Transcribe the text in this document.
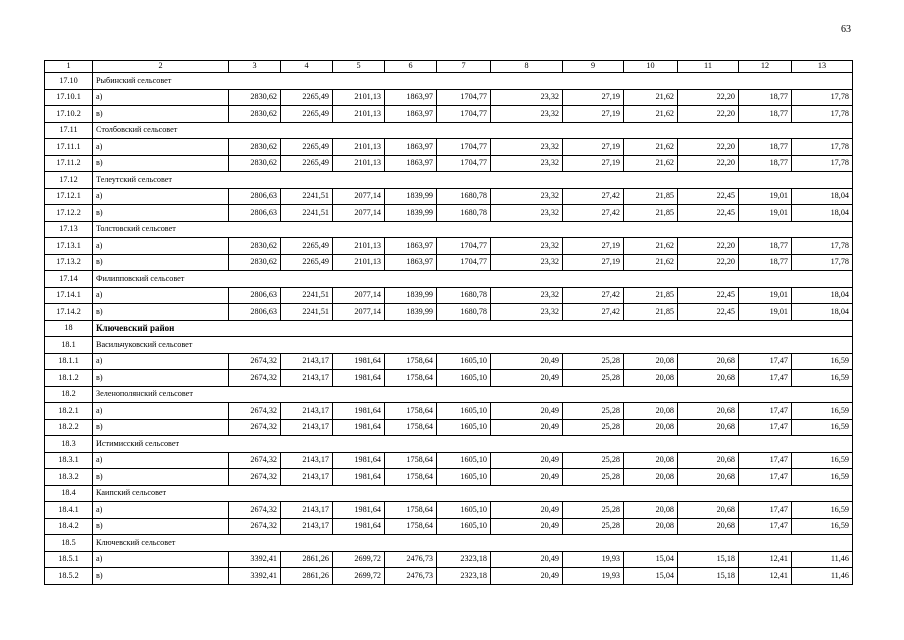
63
1	2	3	4	5	6	7	8	9	10	11	12	13
17.10	Рыбинский сельсовет											
17.10.1	а)	2830,62	2265,49	2101,13	1863,97	1704,77	23,32	27,19	21,62	22,20	18,77	17,78
17.10.2	в)	2830,62	2265,49	2101,13	1863,97	1704,77	23,32	27,19	21,62	22,20	18,77	17,78
17.11	Столбовский сельсовет											
17.11.1	а)	2830,62	2265,49	2101,13	1863,97	1704,77	23,32	27,19	21,62	22,20	18,77	17,78
17.11.2	в)	2830,62	2265,49	2101,13	1863,97	1704,77	23,32	27,19	21,62	22,20	18,77	17,78
17.12	Телеутский сельсовет											
17.12.1	а)	2806,63	2241,51	2077,14	1839,99	1680,78	23,32	27,42	21,85	22,45	19,01	18,04
17.12.2	в)	2806,63	2241,51	2077,14	1839,99	1680,78	23,32	27,42	21,85	22,45	19,01	18,04
17.13	Толстовский сельсовет											
17.13.1	а)	2830,62	2265,49	2101,13	1863,97	1704,77	23,32	27,19	21,62	22,20	18,77	17,78
17.13.2	в)	2830,62	2265,49	2101,13	1863,97	1704,77	23,32	27,19	21,62	22,20	18,77	17,78
17.14	Филипповский сельсовет											
17.14.1	а)	2806,63	2241,51	2077,14	1839,99	1680,78	23,32	27,42	21,85	22,45	19,01	18,04
17.14.2	в)	2806,63	2241,51	2077,14	1839,99	1680,78	23,32	27,42	21,85	22,45	19,01	18,04
18	Ключевский район											
18.1	Васильчуковский сельсовет											
18.1.1	а)	2674,32	2143,17	1981,64	1758,64	1605,10	20,49	25,28	20,08	20,68	17,47	16,59
18.1.2	в)	2674,32	2143,17	1981,64	1758,64	1605,10	20,49	25,28	20,08	20,68	17,47	16,59
18.2	Зеленополянский сельсовет											
18.2.1	а)	2674,32	2143,17	1981,64	1758,64	1605,10	20,49	25,28	20,08	20,68	17,47	16,59
18.2.2	в)	2674,32	2143,17	1981,64	1758,64	1605,10	20,49	25,28	20,08	20,68	17,47	16,59
18.3	Истимисский сельсовет											
18.3.1	а)	2674,32	2143,17	1981,64	1758,64	1605,10	20,49	25,28	20,08	20,68	17,47	16,59
18.3.2	в)	2674,32	2143,17	1981,64	1758,64	1605,10	20,49	25,28	20,08	20,68	17,47	16,59
18.4	Каипский сельсовет											
18.4.1	а)	2674,32	2143,17	1981,64	1758,64	1605,10	20,49	25,28	20,08	20,68	17,47	16,59
18.4.2	в)	2674,32	2143,17	1981,64	1758,64	1605,10	20,49	25,28	20,08	20,68	17,47	16,59
18.5	Ключевский сельсовет											
18.5.1	а)	3392,41	2861,26	2699,72	2476,73	2323,18	20,49	19,93	15,04	15,18	12,41	11,46
18.5.2	в)	3392,41	2861,26	2699,72	2476,73	2323,18	20,49	19,93	15,04	15,18	12,41	11,46
